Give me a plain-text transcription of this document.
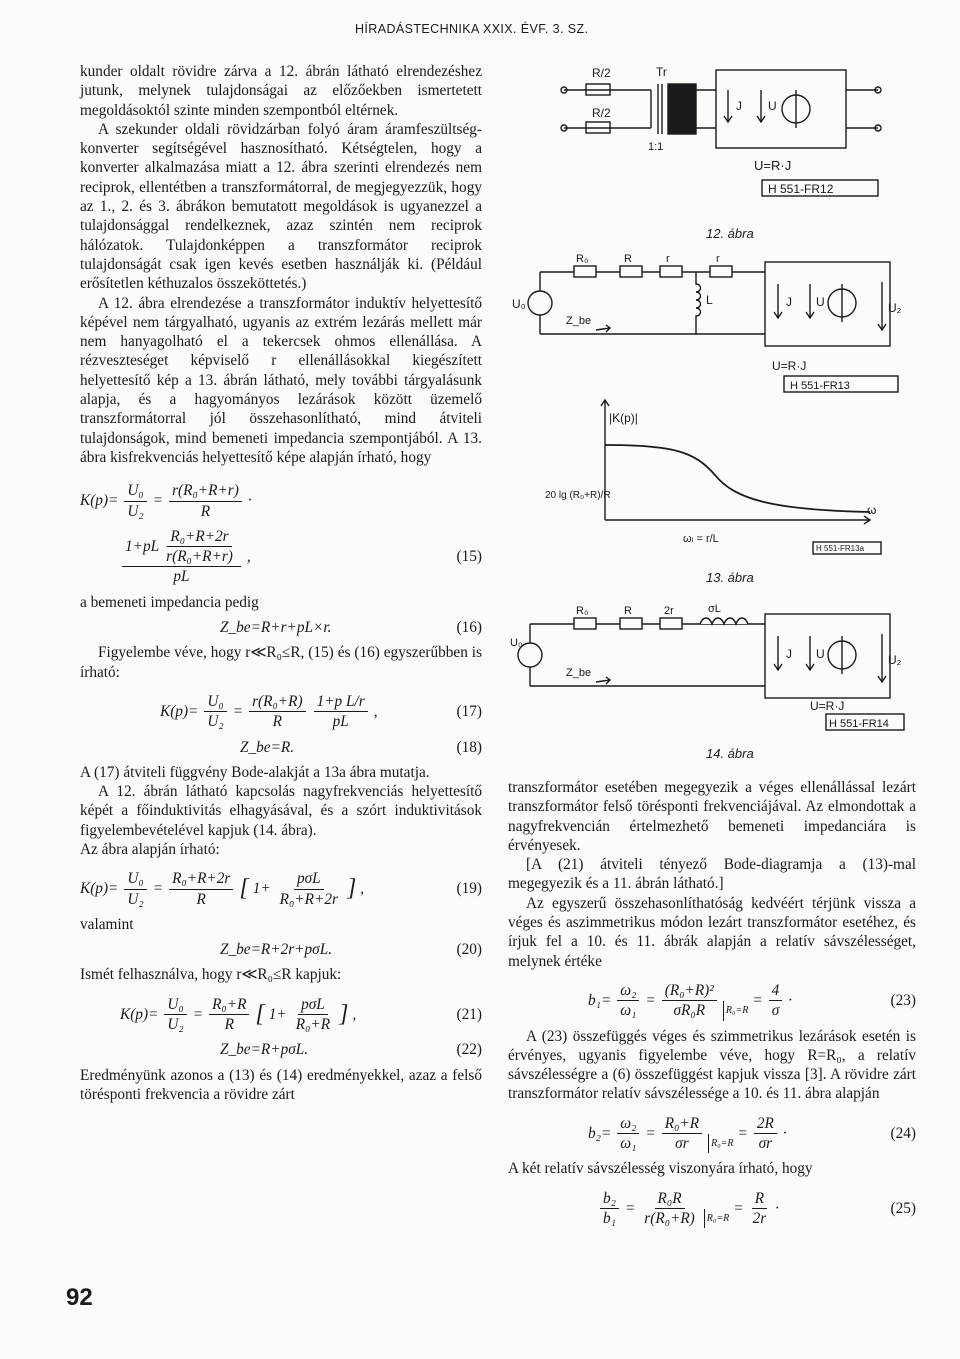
HÍRADÁSTECHNIKA XXIX. ÉVF. 3. SZ.

kunder oldalt rövidre zárva a 12. ábrán látható elrendezéshez jutunk, melynek tulajdonságai az előzőekben ismertetett megoldásoktól szinte minden szempontból eltérnek.

A szekunder oldali rövidzárban folyó áram áramfeszültség-konverter segítségével hasznosítható. Kétségtelen, hogy a konverter alkalmazása miatt a 12. ábra szerinti elrendezés nem reciprok, ellentétben a transzformátorral, de megjegyezzük, hogy az 1., 2. és 3. ábrákon bemutatott megoldások is ugyanezzel a tulajdonsággal rendelkeznek, azaz szintén nem reciprok hálózatok. Tulajdonképpen a transzformátor reciprok tulajdonságát csak igen kevés esetben használják ki. (Például erősítetlen kéthuzalos összeköttetés.)

A 12. ábra elrendezése a transzformátor induktív helyettesítő képével nem tárgyalható, ugyanis az extrém lezárás mellett már nem hanyagolható el a tekercsek ohmos ellenállása. A rézveszteséget képviselő r ellenállásokkal kiegészített helyettesítő kép a 13. ábrán látható, mely további tárgyalásunk alapja, és a hagyományos lezárások között üzemelő transzformátorral jól összehasonlítható, mind átviteli tulajdonságok, mind bemeneti impedancia szempontjából. A 13. ábra kisfrekvenciás helyettesítő képe alapján írható, hogy

$K(p)= \frac{\text{U₀}}{\text{U₂}} = \frac{\text{r(R₀+R+r)}}{R}$ ·
$\frac{1+pL \frac{\text{R₀+R+2r}}{\text{r(R₀+R+r)}}}{pL}$ ,	(15)

a bemeneti impedancia pedig

Z_be=R+r+pL×r.	(16)

Figyelembe véve, hogy r≪R₀≤R, (15) és (16) egyszerűbben is írható:

$K(p)= \frac{\text{U₀}}{\text{U₂}} = \frac{\text{r(R₀+R)}}{R} \frac{\text{1+p L/r}}{pL}$ ,	(17)
Z_be=R.	(18)

A (17) átviteli függvény Bode-alakját a 13a ábra mutatja.

A 12. ábrán látható kapcsolás nagyfrekvenciás helyettesítő képét a főinduktivitás elhagyásával, és a szórt induktivitások figyelembevételével kapjuk (14. ábra).

Az ábra alapján írható:

$K(p)= \frac{\text{U₀}}{\text{U₂}} = \frac{\text{R₀+R+2r}}{R}$ [ $1+ \frac{\text{pσL}}{\text{R₀+R+2r}}$ ] ,	(19)

valamint

Z_be=R+2r+pσL.	(20)

Ismét felhasználva, hogy r≪R₀≤R kapjuk:

$K(p)= \frac{\text{U₀}}{\text{U₂}} = \frac{\text{R₀+R}}{R}$ [ $1+ \frac{\text{pσL}}{\text{R₀+R}}$ ] ,	(21)
Z_be=R+pσL.	(22)

Eredményünk azonos a (13) és (14) eredményekkel, azaz a felső törésponti frekvencia a rövidre zárt

92
R/2
R/2
Tr
1:1
J U
U=R·J
H 551-FR12
12. ábra
U₀
R₀	R	r	r
Z_be
L	J U	U₂
U=R·J
H 551-FR13
|K(p)|
ω
20 lg (R₀+R)/R
ωₗ = r/L
H 551-FR13a
13. ábra
U₀
R₀	R	2r	σL
Z_be
J U	U₂
U=R·J
H 551-FR14
14. ábra

transzformátor esetében megegyezik a véges ellenállással lezárt transzformátor felső törésponti frekvenciájával. Az elmondottak a nagyfrekvencián értelmezhető bemeneti impedanciára is érvényesek.

[A (21) átviteli tényező Bode-diagramja a (13)-mal megegyezik és a 11. ábrán látható.]

Az egyszerű összehasonlíthatóság kedvéért térjünk vissza a véges és aszimmetrikus módon lezárt transzformátor esetéhez, és írjuk fel a 10. és 11. ábrák alapján a relatív sávszélességet, melynek értéke

$b_1= \frac{\text{ω₂}}{\text{ω₁}} = \frac{\text{(R₀+R)²}}{\text{σR₀R}} R_0=R$
= $\frac{4}{\sigma}$ ·	(23)

A (23) összefüggés véges és szimmetrikus lezárások esetén is érvényes, ugyanis figyelembe véve, hogy R=R₀, a relatív sávszélességre a (6) összefüggést kapjuk vissza [3]. A rövidre zárt transzformátor relatív sávszélessége a 10. és 11. ábra alapján

$b_2= \frac{\text{ω₂}}{\text{ω₁}} = \frac{\text{R₀+R}}{\sigma r} R_0=R$
= $\frac{2R}{\sigma r}$ ·	(24)

A két relatív sávszélesség viszonyára írható, hogy

$\frac{\text{b₂}}{\text{b₁}} = \frac{\text{R₀R}}{\text{r(R₀+R)}} R_0=R$
= $\frac{R}{2r}$ ·	(25)
